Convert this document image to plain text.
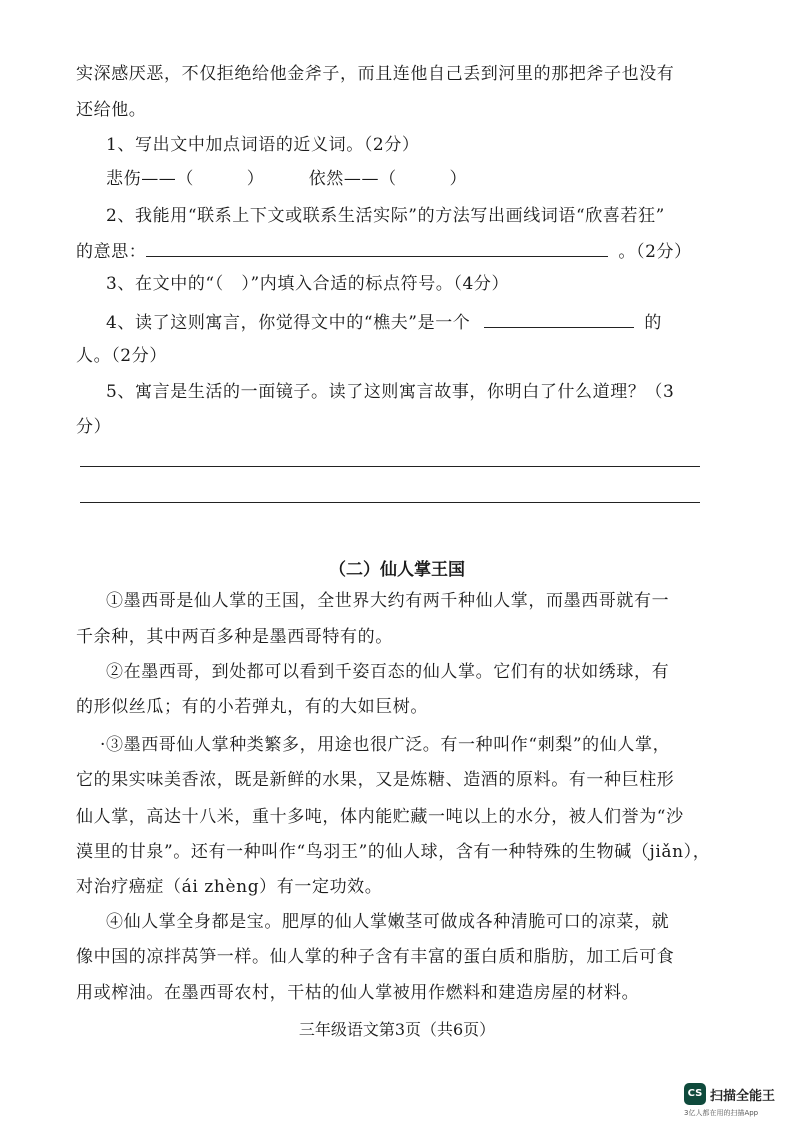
实深感厌恶，不仅拒绝给他金斧子，而且连他自己丢到河里的那把斧子也没有
还给他。
1、写出文中加点词语的近义词。（2分）
悲伤——（　　　）　　　依然——（　　　）
2、我能用“联系上下文或联系生活实际”的方法写出画线词语“欣喜若狂”
的意思：	。（2分）
3、在文中的“（　）”内填入合适的标点符号。（4分）
4、读了这则寓言，你觉得文中的“樵夫”是一个	的
人。（2分）
5、寓言是生活的一面镜子。读了这则寓言故事，你明白了什么道理？（3
分）
（二）仙人掌王国
①墨西哥是仙人掌的王国，全世界大约有两千种仙人掌，而墨西哥就有一
千余种，其中两百多种是墨西哥特有的。
②在墨西哥，到处都可以看到千姿百态的仙人掌。它们有的状如绣球，有
的形似丝瓜；有的小若弹丸，有的大如巨树。
·③墨西哥仙人掌种类繁多，用途也很广泛。有一种叫作“刺梨”的仙人掌，
它的果实味美香浓，既是新鲜的水果，又是炼糖、造酒的原料。有一种巨柱形
仙人掌，高达十八米，重十多吨，体内能贮藏一吨以上的水分，被人们誉为“沙
漠里的甘泉”。还有一种叫作“鸟羽王”的仙人球，含有一种特殊的生物碱（jiǎn），
对治疗癌症（ái zhèng）有一定功效。
④仙人掌全身都是宝。肥厚的仙人掌嫩茎可做成各种清脆可口的凉菜，就
像中国的凉拌莴笋一样。仙人掌的种子含有丰富的蛋白质和脂肪，加工后可食
用或榨油。在墨西哥农村，干枯的仙人掌被用作燃料和建造房屋的材料。
三年级语文第3页（共6页）
CS 扫描全能王
3亿人都在用的扫描App
